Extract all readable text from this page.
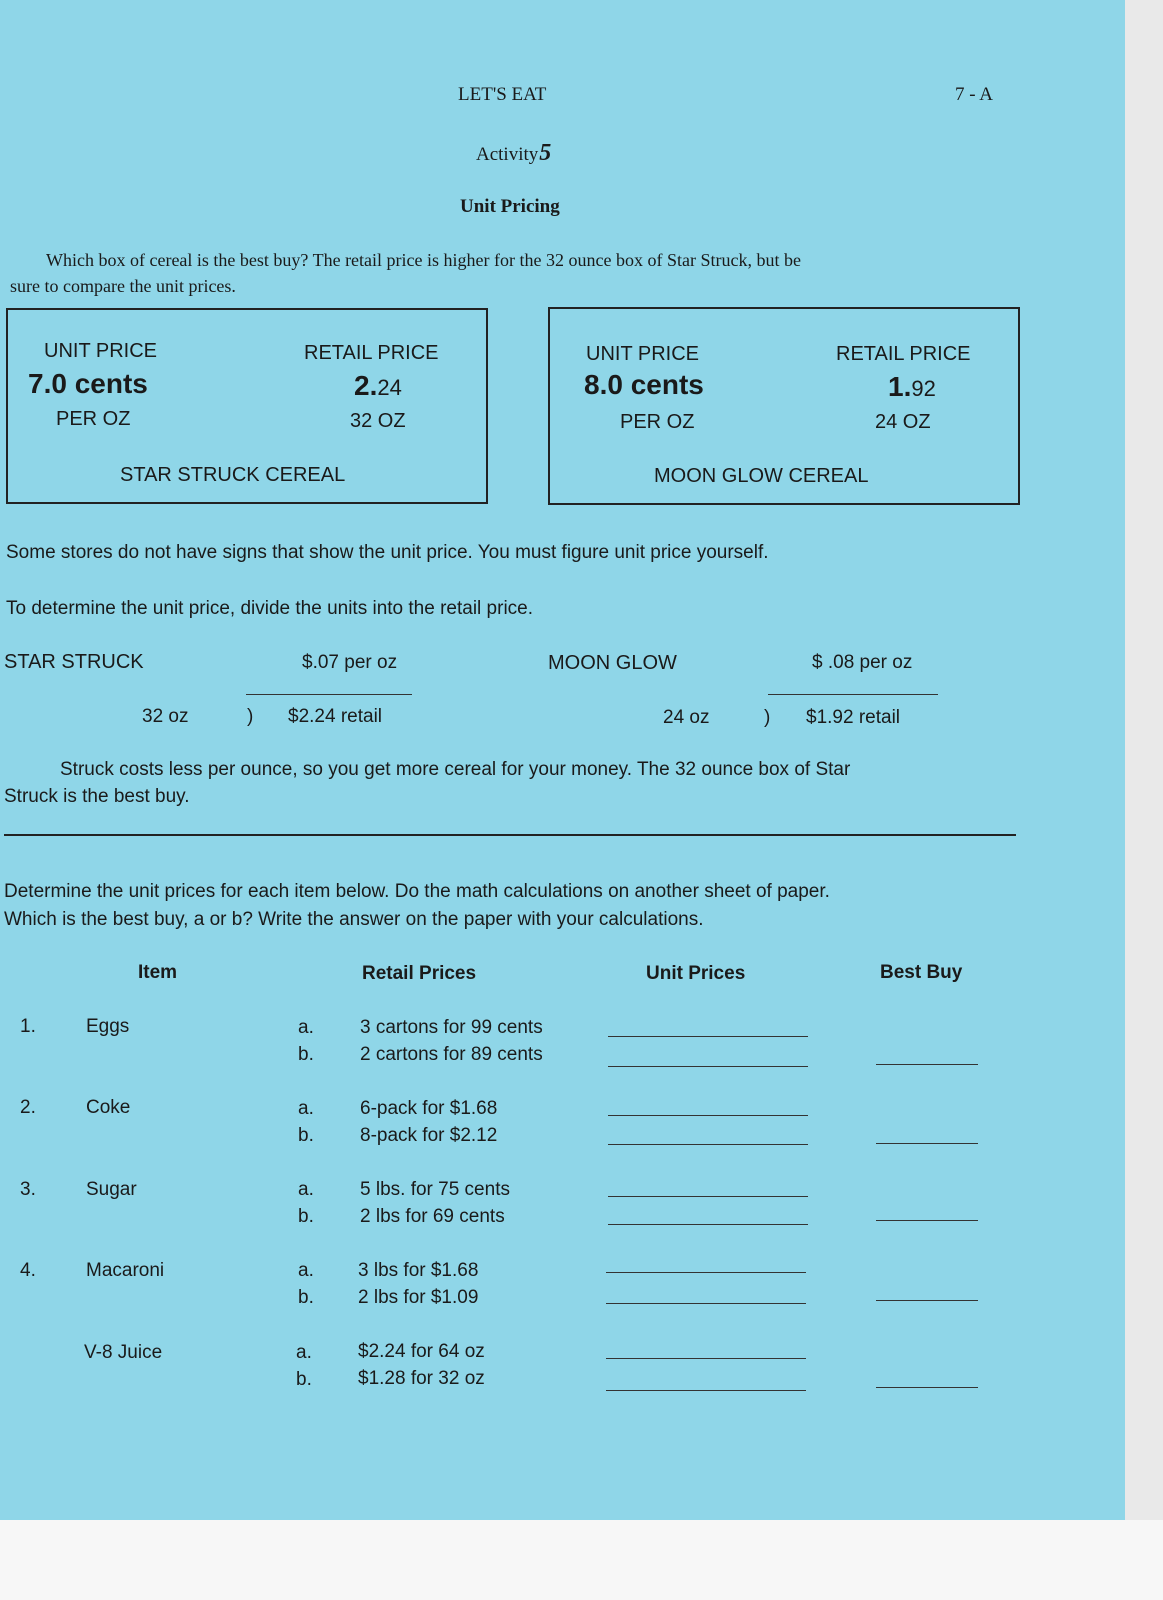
LET'S EAT	7 - A
Activity5
Unit Pricing
Which box of cereal is the best buy? The retail price is higher for the 32 ounce box of Star Struck, but be
sure to compare the unit prices.
UNIT PRICE
7.0 cents
PER OZ
RETAIL PRICE
2.24
32 OZ
STAR STRUCK CEREAL
UNIT PRICE
8.0 cents
PER OZ
RETAIL PRICE
1.92
24 OZ
MOON GLOW CEREAL
Some stores do not have signs that show the unit price. You must figure unit price yourself.
To determine the unit price, divide the units into the retail price.
STAR STRUCK	$.07 per oz
32 oz	) $2.24 retail
MOON GLOW	$ .08 per oz
24 oz	) $1.92 retail
Struck costs less per ounce, so you get more cereal for your money. The 32 ounce box of Star
Struck is the best buy.
Determine the unit prices for each item below. Do the math calculations on another sheet of paper.
Which is the best buy, a or b? Write the answer on the paper with your calculations.
Item	Retail Prices	Unit Prices	Best Buy
1.	Eggs	a. 3 cartons for 99 cents
b. 2 cartons for 89 cents
2.	Coke	a. 6-pack for $1.68
b. 8-pack for $2.12
3.	Sugar	a. 5 lbs. for 75 cents
b. 2 lbs for 69 cents
4.	Macaroni	a. 3 lbs for $1.68
b. 2 lbs for $1.09
V-8 Juice	a. $2.24 for 64 oz
b. $1.28 for 32 oz
